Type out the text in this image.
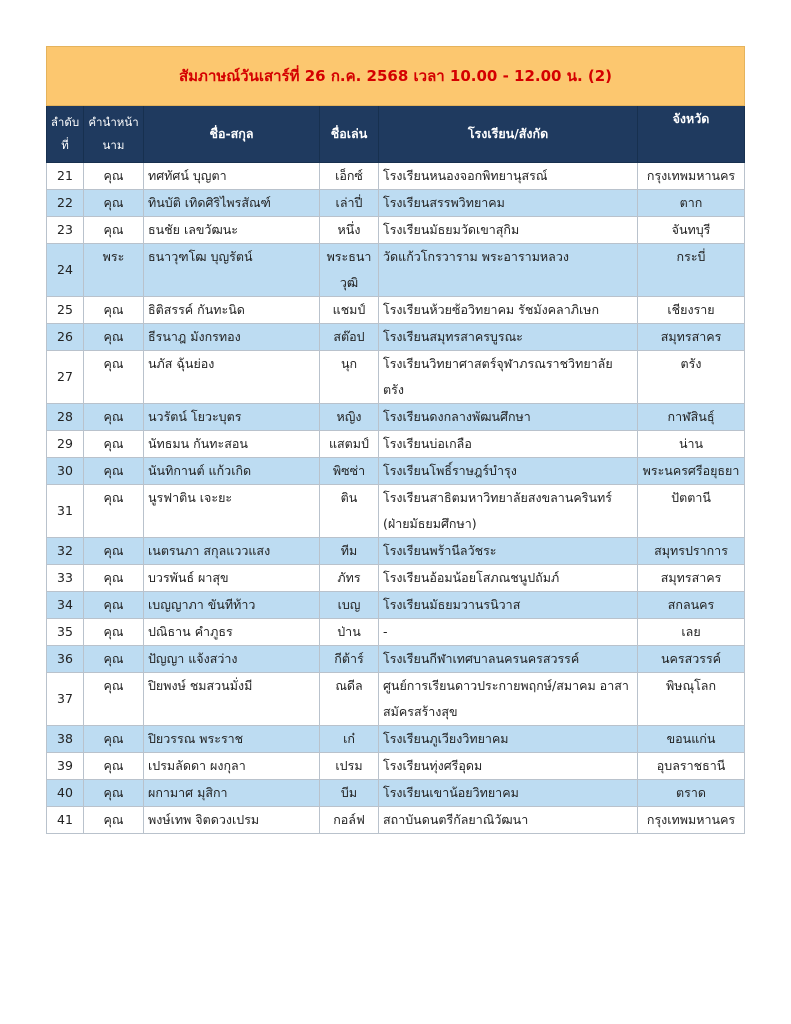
สัมภาษณ์วันเสาร์ที่ 26 ก.ค. 2568 เวลา 10.00 - 12.00 น. (2)					
ลำดับที่	คำนำหน้านาม	ชื่อ-สกุล	ชื่อเล่น	โรงเรียน/สังกัด	จังหวัด
21	คุณ	ทศทัศน์ บุญตา	เอ็กซ์	โรงเรียนหนองจอกพิทยานุสรณ์	กรุงเทพมหานคร
22	คุณ	ทินบัติ เทิดศิริไพรสัณฑ์	เล่าปี่	โรงเรียนสรรพวิทยาคม	ตาก
23	คุณ	ธนชัย เลขวัฒนะ	หนึ่ง	โรงเรียนมัธยมวัดเขาสุกิม	จันทบุรี
24	พระ	ธนาวุฑโฒ บุญรัตน์	พระธนาวุฒิ	วัดแก้วโกรวาราม พระอารามหลวง	กระบี่
25	คุณ	ธิติสรรค์ กันทะนิด	แชมป์	โรงเรียนห้วยซ้อวิทยาคม รัชมังคลาภิเษก	เชียงราย
26	คุณ	ธีรนาฎ มังกรทอง	สต๊อป	โรงเรียนสมุทรสาครบูรณะ	สมุทรสาคร
27	คุณ	นภัส ฉุ้นย่อง	นุก	โรงเรียนวิทยาศาสตร์จุฬาภรณราชวิทยาลัย ตรัง	ตรัง
28	คุณ	นวรัตน์ โยวะบุตร	หญิง	โรงเรียนดงกลางพัฒนศึกษา	กาฬสินธุ์
29	คุณ	นัทธมน กันทะสอน	แสตมป์	โรงเรียนบ่อเกลือ	น่าน
30	คุณ	นันทิกานต์ แก้วเกิด	พิซซ่า	โรงเรียนโพธิ์ราษฎร์บำรุง	พระนครศรีอยุธยา
31	คุณ	นูรฟาติน เจะยะ	ติน	โรงเรียนสาธิตมหาวิทยาลัยสงขลานครินทร์ (ฝ่ายมัธยมศึกษา)	ปัตตานี
32	คุณ	เนตรนภา สกุลแววแสง	ทีม	โรงเรียนพร้านีลวัชระ	สมุทรปราการ
33	คุณ	บวรพันธ์ ผาสุข	ภัทร	โรงเรียนอ้อมน้อยโสภณชนูปถัมภ์	สมุทรสาคร
34	คุณ	เบญญาภา ขันทีท้าว	เบญ	โรงเรียนมัธยมวานรนิวาส	สกลนคร
35	คุณ	ปณิธาน คำภูธร	ป่าน	-	เลย
36	คุณ	ปัญญา แจ้งสว่าง	กีต้าร์	โรงเรียนกีฬาเทศบาลนครนครสวรรค์	นครสวรรค์
37	คุณ	ปิยพงษ์ ชมสวนมั่งมี	ณดีล	ศูนย์การเรียนดาวประกายพฤกษ์/สมาคม อาสาสมัครสร้างสุข	พิษณุโลก
38	คุณ	ปิยวรรณ พระราช	เก๋	โรงเรียนภูเวียงวิทยาคม	ขอนแก่น
39	คุณ	เปรมลัดดา ผงกุลา	เปรม	โรงเรียนทุ่งศรีอุดม	อุบลราชธานี
40	คุณ	ผกามาศ มุสิกา	บีม	โรงเรียนเขาน้อยวิทยาคม	ตราด
41	คุณ	พงษ์เทพ จิตดวงเปรม	กอล์ฟ	สถาบันดนตรีกัลยาณิวัฒนา	กรุงเทพมหานคร
